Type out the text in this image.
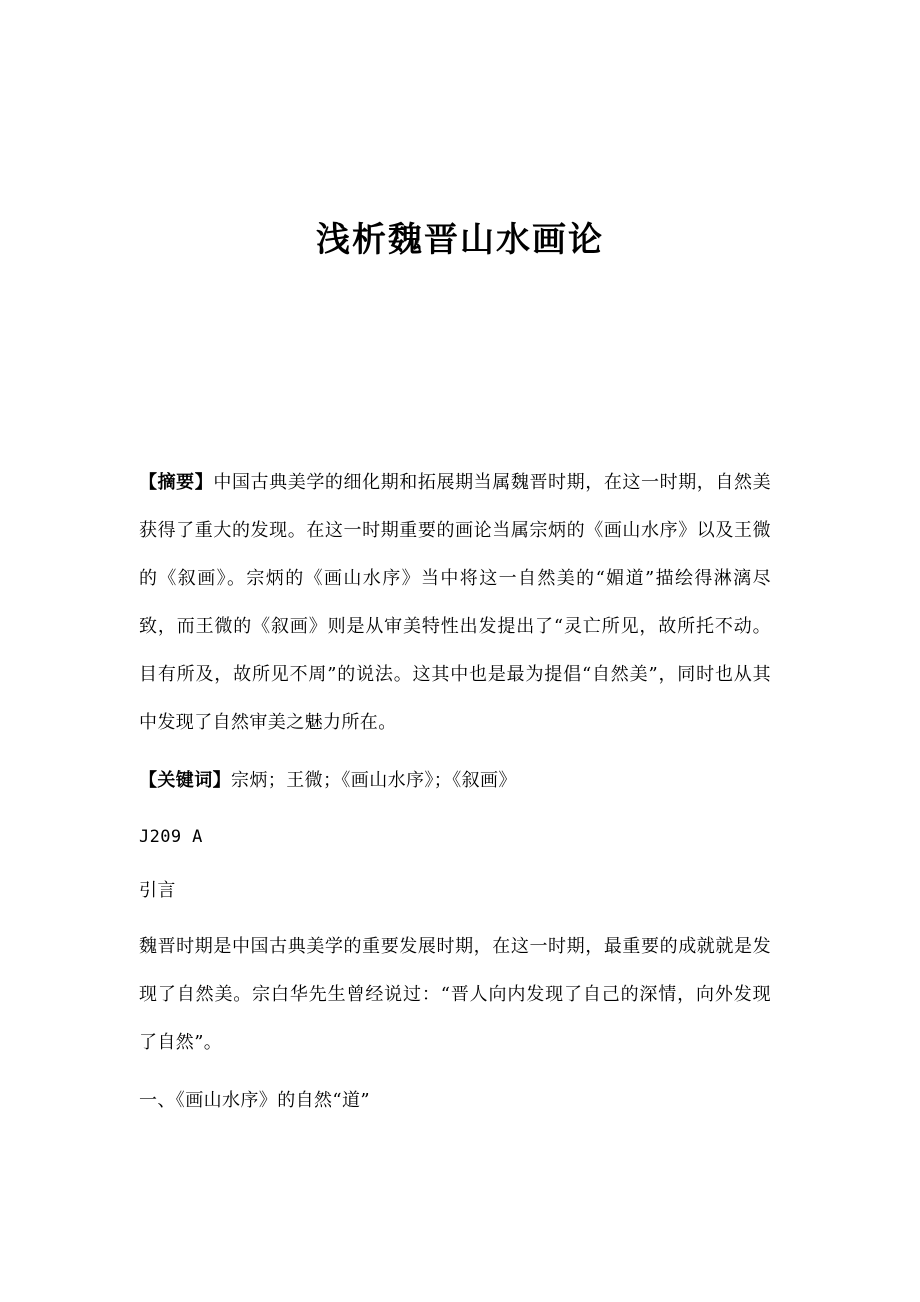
浅析魏晋山水画论
【摘要】中国古典美学的细化期和拓展期当属魏晋时期，在这一时期，自然美获得了重大的发现。在这一时期重要的画论当属宗炳的《画山水序》以及王微的《叙画》。宗炳的《画山水序》当中将这一自然美的“媚道”描绘得淋漓尽致，而王微的《叙画》则是从审美特性出发提出了“灵亡所见，故所托不动。目有所及，故所见不周”的说法。这其中也是最为提倡“自然美”，同时也从其中发现了自然审美之魅力所在。
【关键词】宗炳；王微；《画山水序》；《叙画》
J209 A
引言
魏晋时期是中国古典美学的重要发展时期，在这一时期，最重要的成就就是发现了自然美。宗白华先生曾经说过：“晋人向内发现了自己的深情，向外发现了自然”。
一、《画山水序》的自然“道”
